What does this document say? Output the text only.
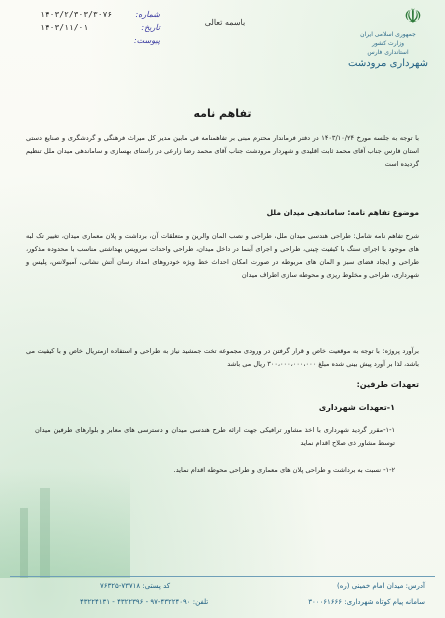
☫
جمهوری اسلامی ایران
وزارت کشور
استانداری فارس
شهرداری مرودشت
باسمه تعالی
شماره:
۱۴۰۳/۲/۳۰۳/۳۰۷۶
تاریخ:
۱۴۰۳/۱۱/۰۱
پیوست:
تفاهم نامه
با توجه به جلسه مورخ ۱۴۰۳/۱۰/۲۴ در دفتر فرماندار محترم مبنی بر تفاهمنامه فی مابین مدیر کل میراث فرهنگی و گردشگری و صنایع دستی استان فارس جناب آقای محمد ثابت اقلیدی و شهردار مرودشت جناب آقای محمد رضا زارعی در راستای بهسازی و ساماندهی میدان ملل تنظیم گردیده است
موضوع تفاهم نامه: ساماندهی میدان ملل
شرح تفاهم نامه شامل: طراحی هندسی میدان ملل، طراحی و نصب المان والرین و متعلقات آن، برداشت و پلان معماری میدان، تغییر تک لبه های موجود با اجرای سنگ با کیفیت چینی، طراحی و اجرای آبنما در داخل میدان، طراحی واحدات سرویس بهداشتی مناسب با محدوده مذکور، طراحی و ایجاد فضای سبز و المان های مربوطه در صورت امکان احداث خط ویژه خودروهای امداد رسان آتش نشانی، آمبولانس، پلیس و شهرداری، طراحی و مخلوط ریزی و محوطه سازی اطراف میدان
برآورد پروژه: با توجه به موقعیت خاص و قرار گرفتن در ورودی مجموعه تخت جمشید نیاز به طراحی و استفاده ازمتریال خاص و با کیفیت می باشد، لذا بر آورد پیش بینی شده مبلغ ۳۰۰،۰۰۰،۰۰۰،۰۰۰ ریال می باشد
تعهدات طرفین:
۱-تعهدات شهرداری
۱-۱-مقرر گردید شهرداری با اخذ مشاور ترافیکی جهت ارائه طرح هندسی میدان و دسترسی های معابر و بلوارهای طرفین میدان توسط مشاور ذی صلاح اقدام نماید
۱-۲- نسبت به برداشت و طراحی پلان های معماری و طراحی محوطه اقدام نماید.
آدرس: میدان امام خمینی (ره)
کد پستی: ۷۳۷۱۸-۷۶۳۲۵
سامانه پیام کوتاه شهرداری: ۳۰۰۰۶۱۶۶۶
تلفن: ۴۳۲۲۴۰۹۰-۹۷ - ۴۳۲۲۳۹۶ - ۴۳۲۲۴۱۳۱
